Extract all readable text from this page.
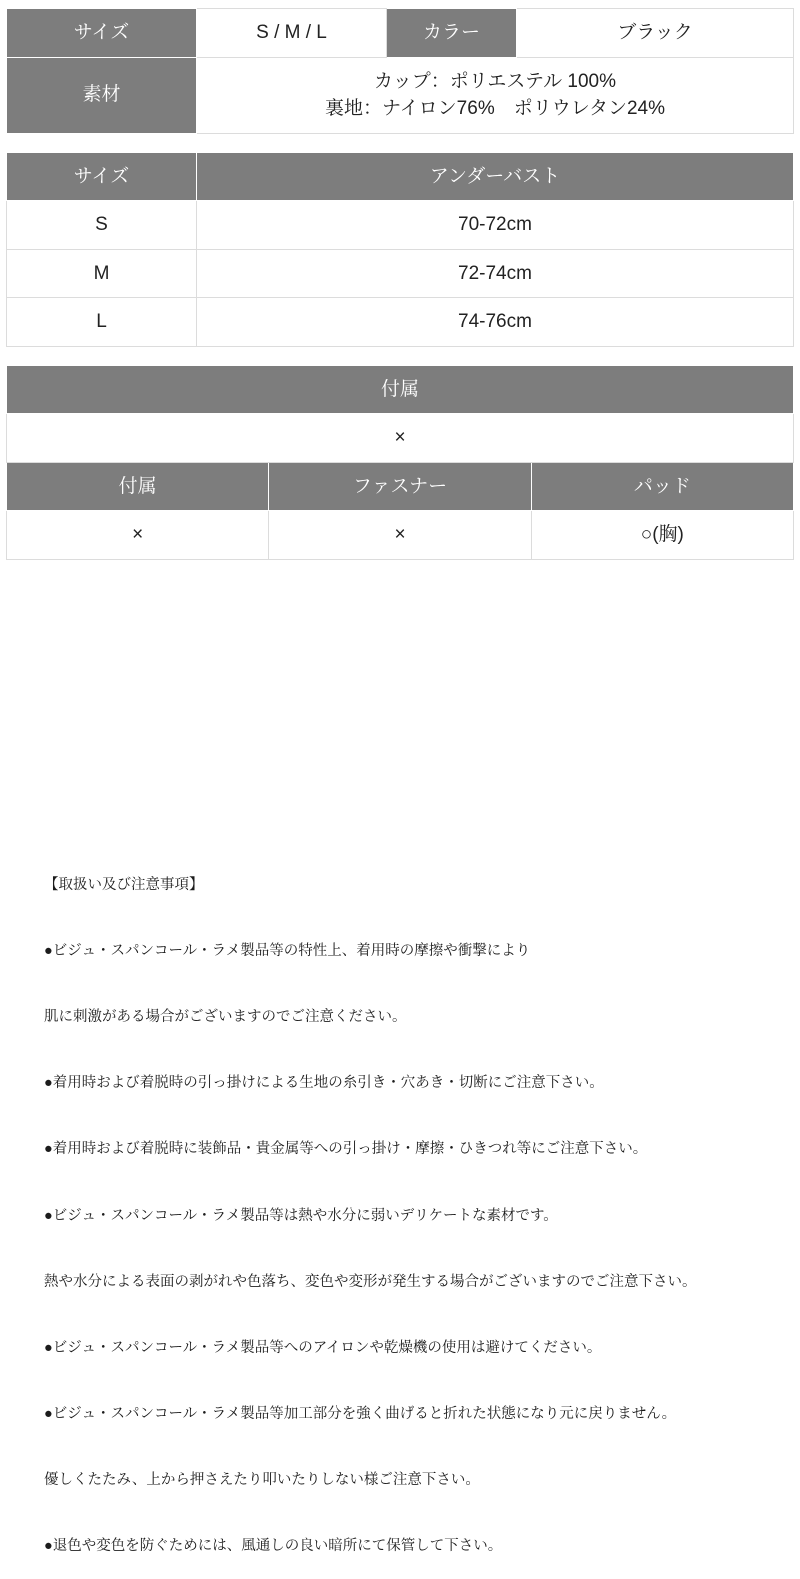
サイズ	S / M / L	カラー	ブラック
素材	カップ：ポリエステル 100%
裏地：ナイロン76%　ポリウレタン24%		
サイズ	アンダーバスト
S	70-72cm
M	72-74cm
L	74-76cm
付属		
×		
付属	ファスナー	パッド
×	×	○(胸)

【取扱い及び注意事項】

●ビジュ・スパンコール・ラメ製品等の特性上、着用時の摩擦や衝撃により

肌に刺激がある場合がございますのでご注意ください。

●着用時および着脱時の引っ掛けによる生地の糸引き・穴あき・切断にご注意下さい。

●着用時および着脱時に装飾品・貴金属等への引っ掛け・摩擦・ひきつれ等にご注意下さい。

●ビジュ・スパンコール・ラメ製品等は熱や水分に弱いデリケートな素材です。

熱や水分による表面の剥がれや色落ち、変色や変形が発生する場合がございますのでご注意下さい。

●ビジュ・スパンコール・ラメ製品等へのアイロンや乾燥機の使用は避けてください。

●ビジュ・スパンコール・ラメ製品等加工部分を強く曲げると折れた状態になり元に戻りません。

優しくたたみ、上から押さえたり叩いたりしない様ご注意下さい。

●退色や変色を防ぐためには、風通しの良い暗所にて保管して下さい。
